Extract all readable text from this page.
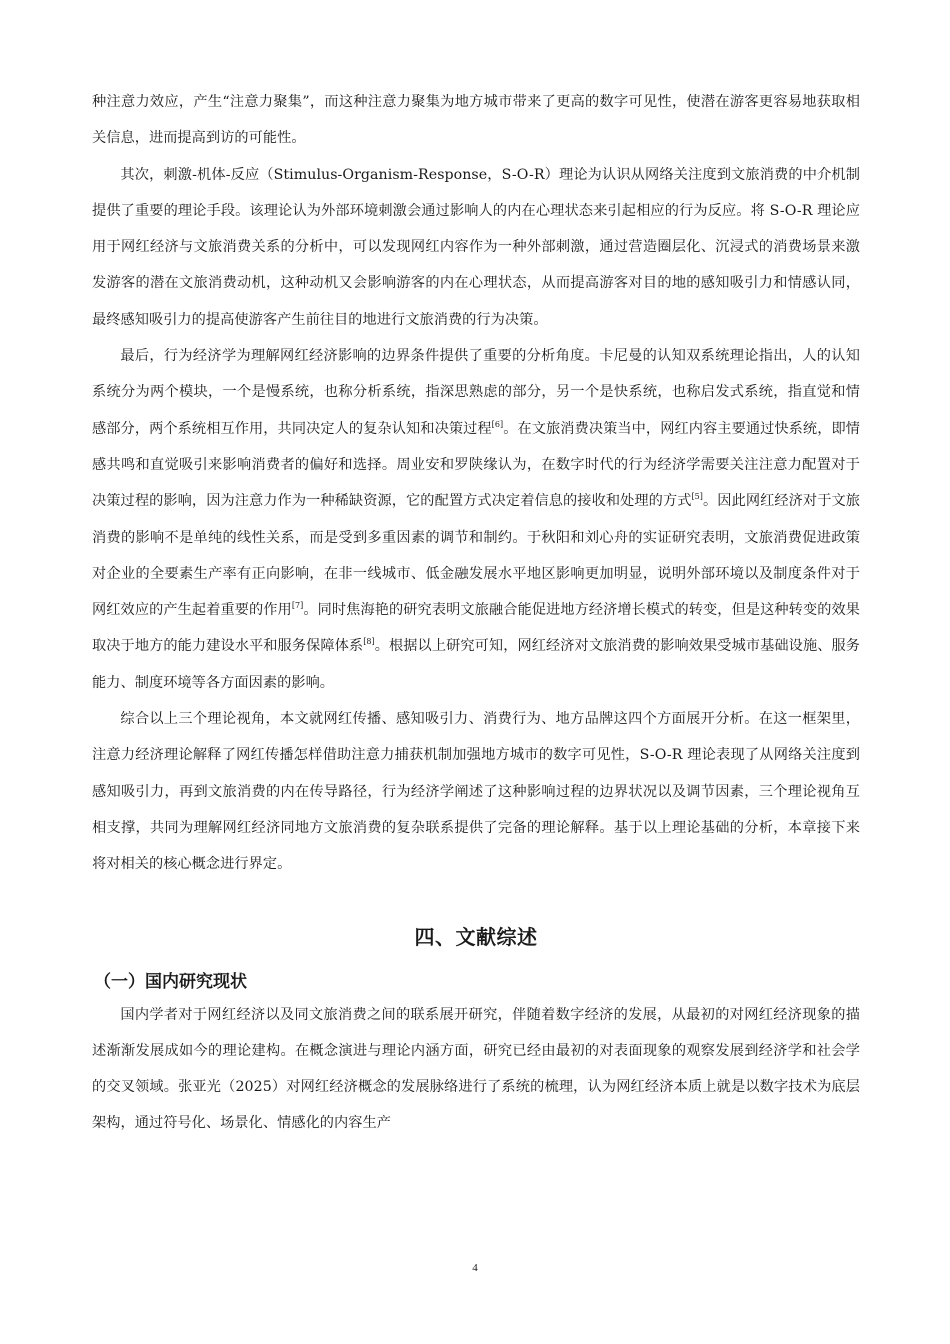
种注意力效应，产生“注意力聚集”，而这种注意力聚集为地方城市带来了更高的数字可见性，使潜在游客更容易地获取相关信息，进而提高到访的可能性。

其次，刺激-机体-反应（Stimulus-Organism-Response，S-O-R）理论为认识从网络关注度到文旅消费的中介机制提供了重要的理论手段。该理论认为外部环境刺激会通过影响人的内在心理状态来引起相应的行为反应。将 S-O-R 理论应用于网红经济与文旅消费关系的分析中，可以发现网红内容作为一种外部刺激，通过营造圈层化、沉浸式的消费场景来激发游客的潜在文旅消费动机，这种动机又会影响游客的内在心理状态，从而提高游客对目的地的感知吸引力和情感认同，最终感知吸引力的提高使游客产生前往目的地进行文旅消费的行为决策。

最后，行为经济学为理解网红经济影响的边界条件提供了重要的分析角度。卡尼曼的认知双系统理论指出，人的认知系统分为两个模块，一个是慢系统，也称分析系统，指深思熟虑的部分，另一个是快系统，也称启发式系统，指直觉和情感部分，两个系统相互作用，共同决定人的复杂认知和决策过程[6]。在文旅消费决策当中，网红内容主要通过快系统，即情感共鸣和直觉吸引来影响消费者的偏好和选择。周业安和罗陕缘认为，在数字时代的行为经济学需要关注注意力配置对于决策过程的影响，因为注意力作为一种稀缺资源，它的配置方式决定着信息的接收和处理的方式[5]。因此网红经济对于文旅消费的影响不是单纯的线性关系，而是受到多重因素的调节和制约。于秋阳和刘心舟的实证研究表明，文旅消费促进政策对企业的全要素生产率有正向影响，在非一线城市、低金融发展水平地区影响更加明显，说明外部环境以及制度条件对于网红效应的产生起着重要的作用[7]。同时焦海艳的研究表明文旅融合能促进地方经济增长模式的转变，但是这种转变的效果取决于地方的能力建设水平和服务保障体系[8]。根据以上研究可知，网红经济对文旅消费的影响效果受城市基础设施、服务能力、制度环境等各方面因素的影响。

综合以上三个理论视角，本文就网红传播、感知吸引力、消费行为、地方品牌这四个方面展开分析。在这一框架里，注意力经济理论解释了网红传播怎样借助注意力捕获机制加强地方城市的数字可见性，S-O-R 理论表现了从网络关注度到感知吸引力，再到文旅消费的内在传导路径，行为经济学阐述了这种影响过程的边界状况以及调节因素，三个理论视角互相支撑，共同为理解网红经济同地方文旅消费的复杂联系提供了完备的理论解释。基于以上理论基础的分析，本章接下来将对相关的核心概念进行界定。

四、文献综述
（一）国内研究现状

国内学者对于网红经济以及同文旅消费之间的联系展开研究，伴随着数字经济的发展，从最初的对网红经济现象的描述渐渐发展成如今的理论建构。在概念演进与理论内涵方面，研究已经由最初的对表面现象的观察发展到经济学和社会学的交叉领域。张亚光（2025）对网红经济概念的发展脉络进行了系统的梳理，认为网红经济本质上就是以数字技术为底层架构，通过符号化、场景化、情感化的内容生产

4
